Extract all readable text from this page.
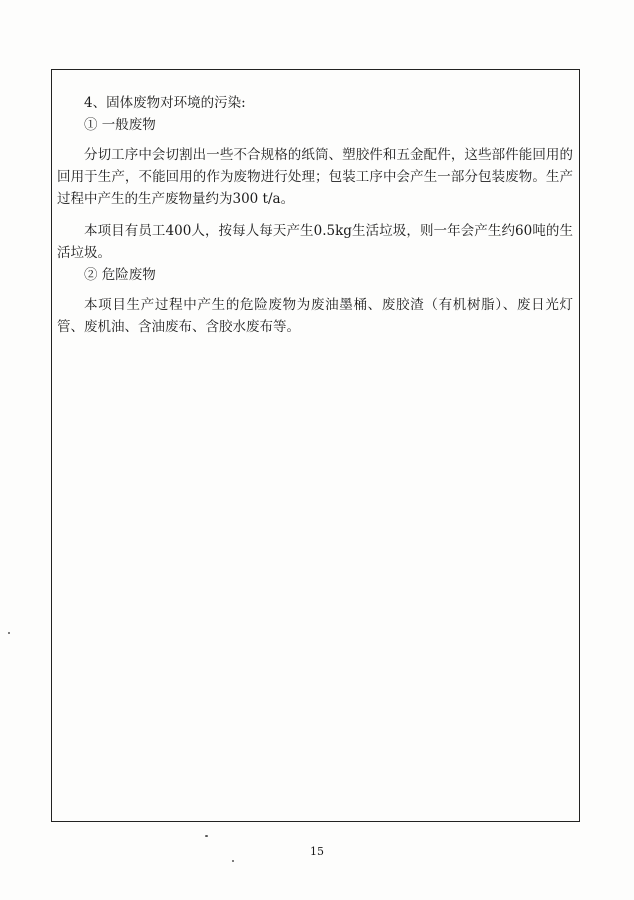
4、固体废物对环境的污染:

① 一般废物

分切工序中会切割出一些不合规格的纸筒、塑胶件和五金配件，这些部件能回用的回用于生产，不能回用的作为废物进行处理；包装工序中会产生一部分包装废物。生产过程中产生的生产废物量约为300 t/a。

本项目有员工400人，按每人每天产生0.5kg生活垃圾，则一年会产生约60吨的生活垃圾。

② 危险废物

本项目生产过程中产生的危险废物为废油墨桶、废胶渣（有机树脂）、废日光灯管、废机油、含油废布、含胶水废布等。

15
